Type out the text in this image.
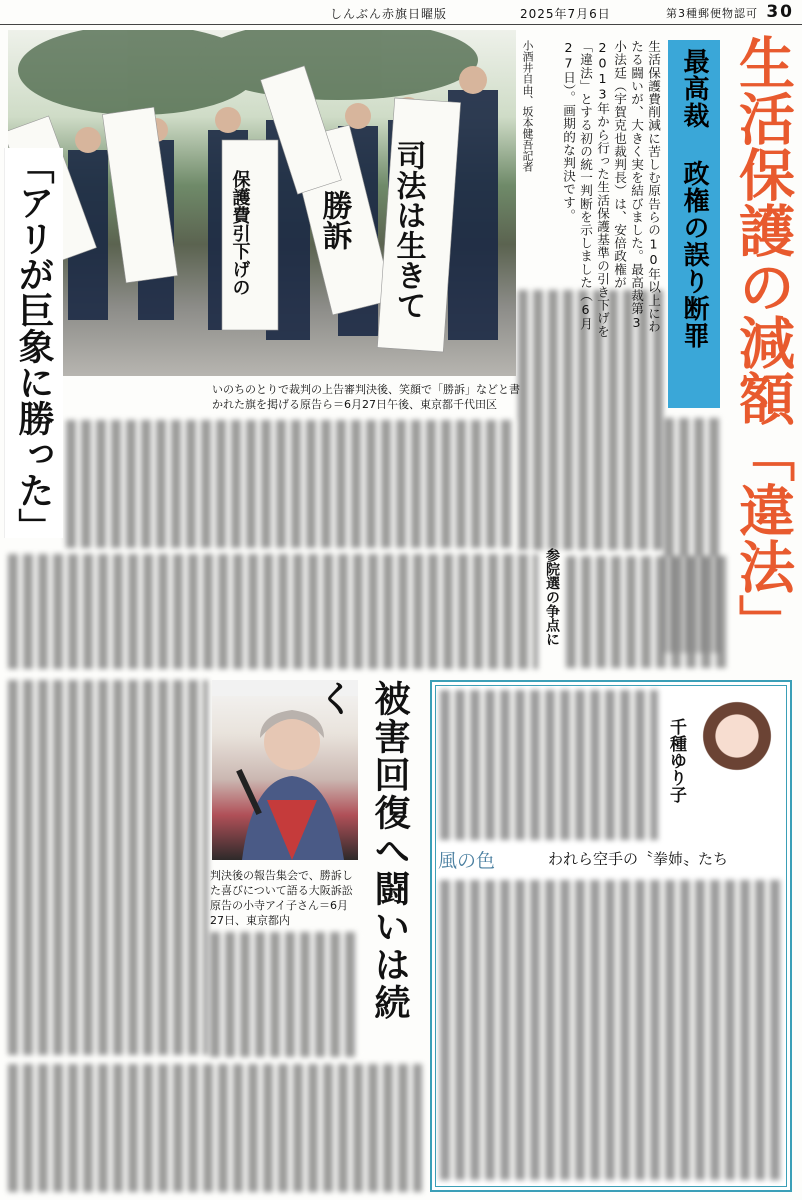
しんぶん赤旗日曜版	2025年7月6日	第3種郵便物認可 30
生活保護の減額「違法」
最高裁 政権の誤り断罪
生活保護費削減に苦しむ原告らの10年以上にわたる闘いが、大きく実を結びました。最高裁第3小法廷（宇賀克也裁判長）は、安倍政権が2013年から行った生活保護基準の引き下げを「違法」とする初の統一判断を示しました（6月27日）。画期的な判決です。
小酒井自由、坂本健吾記者
保護費引下げの	司法は生きて
勝訴
いのちのとりで裁判の上告審判決後、笑顔で「勝訴」などと書かれた旗を掲げる原告ら＝6月27日午後、東京都千代田区
「アリが巨象に勝った」
参院選の争点に
判決後の報告集会で、勝訴した喜びについて語る大阪訴訟原告の小寺アイ子さん＝6月27日、東京都内	被害回復へ闘いは続く
千種ゆり子
風の色	われら空手の〝拳姉〟たち
